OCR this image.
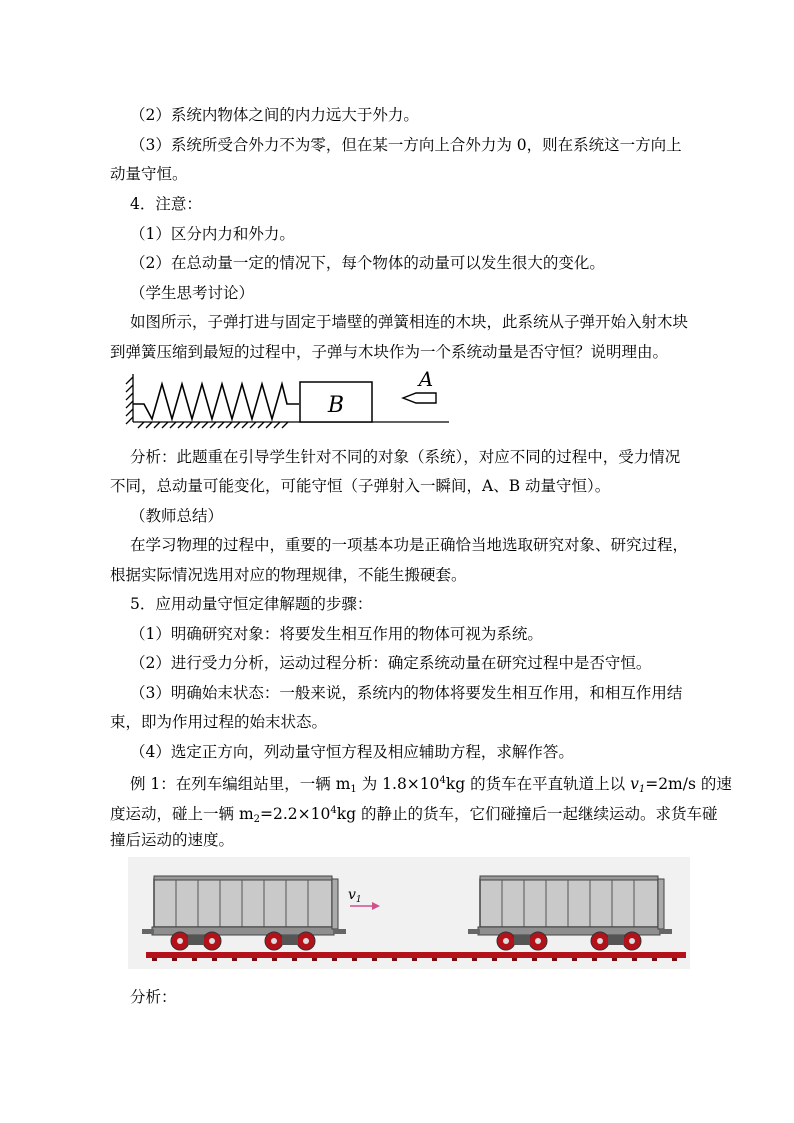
（2）系统内物体之间的内力远大于外力。
（3）系统所受合外力不为零，但在某一方向上合外力为 0，则在系统这一方向上
动量守恒。
4．注意：
（1）区分内力和外力。
（2）在总动量一定的情况下，每个物体的动量可以发生很大的变化。
（学生思考讨论）
如图所示，子弹打进与固定于墙壁的弹簧相连的木块，此系统从子弹开始入射木块
到弹簧压缩到最短的过程中，子弹与木块作为一个系统动量是否守恒？说明理由。
B
A
分析：此题重在引导学生针对不同的对象（系统），对应不同的过程中，受力情况
不同，总动量可能变化，可能守恒（子弹射入一瞬间，A、B 动量守恒）。
（教师总结）
在学习物理的过程中，重要的一项基本功是正确恰当地选取研究对象、研究过程，
根据实际情况选用对应的物理规律，不能生搬硬套。
5．应用动量守恒定律解题的步骤：
（1）明确研究对象：将要发生相互作用的物体可视为系统。
（2）进行受力分析，运动过程分析：确定系统动量在研究过程中是否守恒。
（3）明确始末状态：一般来说，系统内的物体将要发生相互作用，和相互作用结
束，即为作用过程的始末状态。
（4）选定正方向，列动量守恒方程及相应辅助方程，求解作答。
例 1：在列车编组站里，一辆 $m_1$ 为 $1.8\times 10^4kg$ 的货车在平直轨道上以 $v_1=2m/s$ 的速
度运动，碰上一辆 $m_2=2.2\times 10^4kg$ 的静止的货车，它们碰撞后一起继续运动。求货车碰
撞后运动的速度。
$v_1$
分析：
